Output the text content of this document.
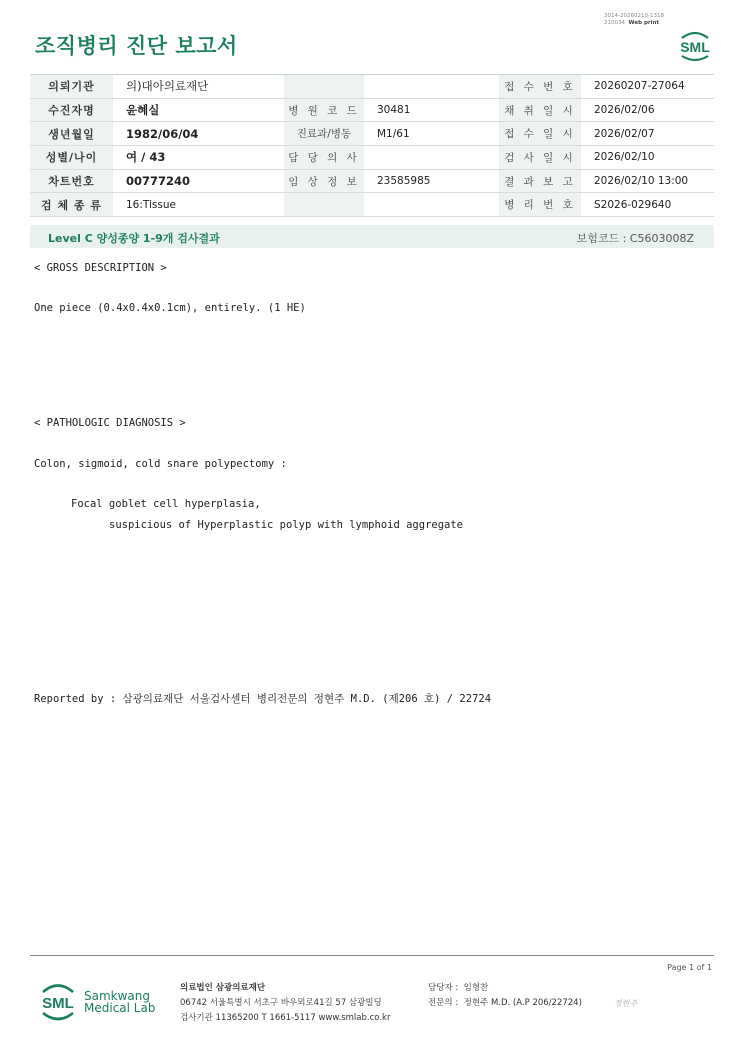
조직병리 진단 보고서
3014-20260210-1318
210034 Web print
SML
의뢰기관	의)대아의료재단			접 수 번 호	20260207-27064
수진자명	윤혜실	병 원 코 드	30481	채 취 일 시	2026/02/06
생년월일	1982/06/04	진료과/병동	M1/61	접 수 일 시	2026/02/07
성별/나이	여 / 43	담 당 의 사		검 사 일 시	2026/02/10
차트번호	00777240	임 상 정 보	23585985	결 과 보 고	2026/02/10 13:00
검 체 종 류	16:Tissue			병 리 번 호	S2026-029640
Level C 양성종양 1-9개 검사결과	보험코드 : C5603008Z
< GROSS DESCRIPTION >
One piece (0.4x0.4x0.1cm), entirely. (1 HE)
< PATHOLOGIC DIAGNOSIS >
Colon, sigmoid, cold snare polypectomy :
Focal goblet cell hyperplasia,
suspicious of Hyperplastic polyp with lymphoid aggregate
Reported by : 삼광의료재단 서울검사센터 병리전문의 정현주 M.D. (제206 호) / 22724
Page 1 of 1
SML Samkwang
Medical Lab
의료법인 삼광의료재단
06742 서울특별시 서초구 바우뫼로41길 57 삼광빌딩
검사기관 11365200 T 1661-5117 www.smlab.co.kr
담당자 : 임형찬
전문의 : 정현주 M.D. (A.P 206/22724)	정현주
